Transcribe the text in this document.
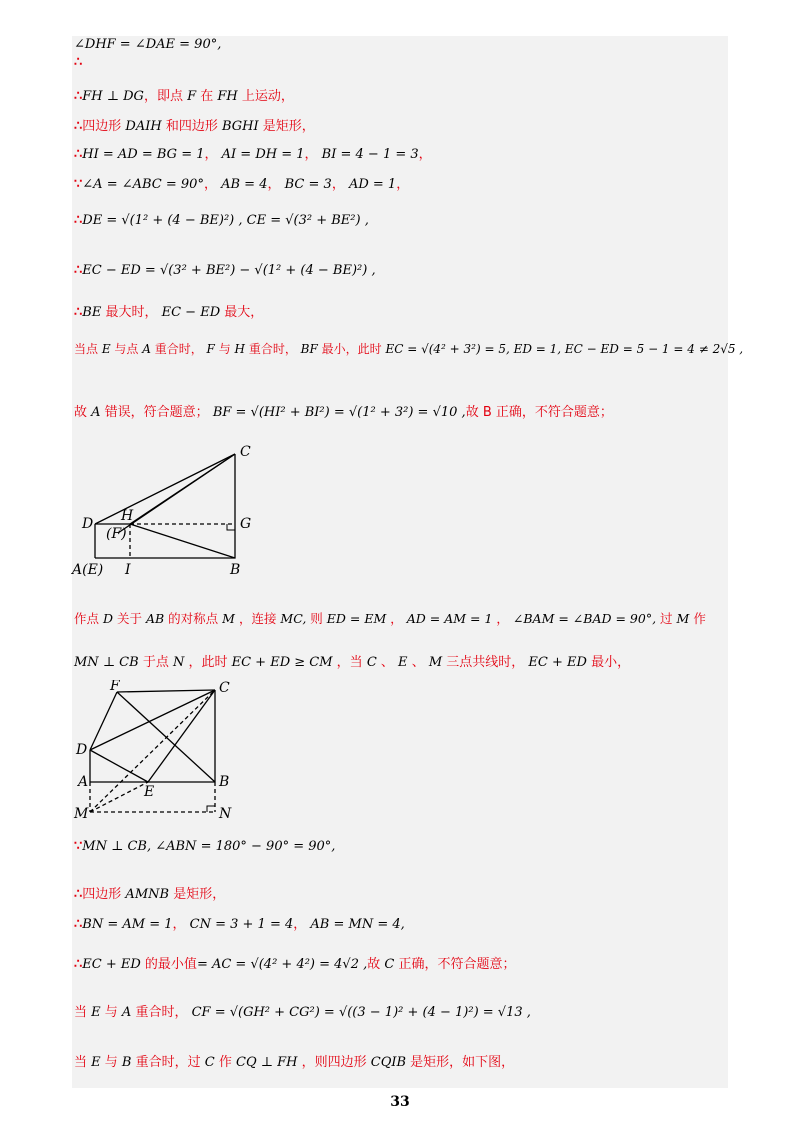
∠DHF = ∠DAE = 90°,
∴
∴FH ⊥ DG，即点 F 在 FH 上运动，
∴四边形 DAIH 和四边形 BGHI 是矩形，
∴HI = AD = BG = 1， AI = DH = 1， BI = 4 − 1 = 3，
∵∠A = ∠ABC = 90°， AB = 4， BC = 3， AD = 1，
∴DE = √(1² + (4 − BE)²) , CE = √(3² + BE²) ,
∴EC − ED = √(3² + BE²) − √(1² + (4 − BE)²) ,
∴BE 最大时， EC − ED 最大，
当点 E 与点 A 重合时， F 与 H 重合时， BF 最小，此时 EC = √(4² + 3²) = 5, ED = 1, EC − ED = 5 − 1 = 4 ≠ 2√5 ,
故 A 错误，符合题意； BF = √(HI² + BI²) = √(1² + 3²) = √10 ,故 B 正确，不符合题意；
C
H
D	G
(F)
A(E) I	B
作点 D 关于 AB 的对称点 M ，连接 MC, 则 ED = EM ， AD = AM = 1 ， ∠BAM = ∠BAD = 90°, 过 M 作
MN ⊥ CB 于点 N ，此时 EC + ED ≥ CM ，当 C 、 E 、 M 三点共线时， EC + ED 最小，
F	C
D
A
E
B
M	N
∵MN ⊥ CB, ∠ABN = 180° − 90° = 90°,
∴四边形 AMNB 是矩形，
∴BN = AM = 1， CN = 3 + 1 = 4， AB = MN = 4,
∴EC + ED 的最小值= AC = √(4² + 4²) = 4√2 ,故 C 正确，不符合题意；
当 E 与 A 重合时， CF = √(GH² + CG²) = √((3 − 1)² + (4 − 1)²) = √13 ,
当 E 与 B 重合时，过 C 作 CQ ⊥ FH ，则四边形 CQIB 是矩形，如下图，
33
